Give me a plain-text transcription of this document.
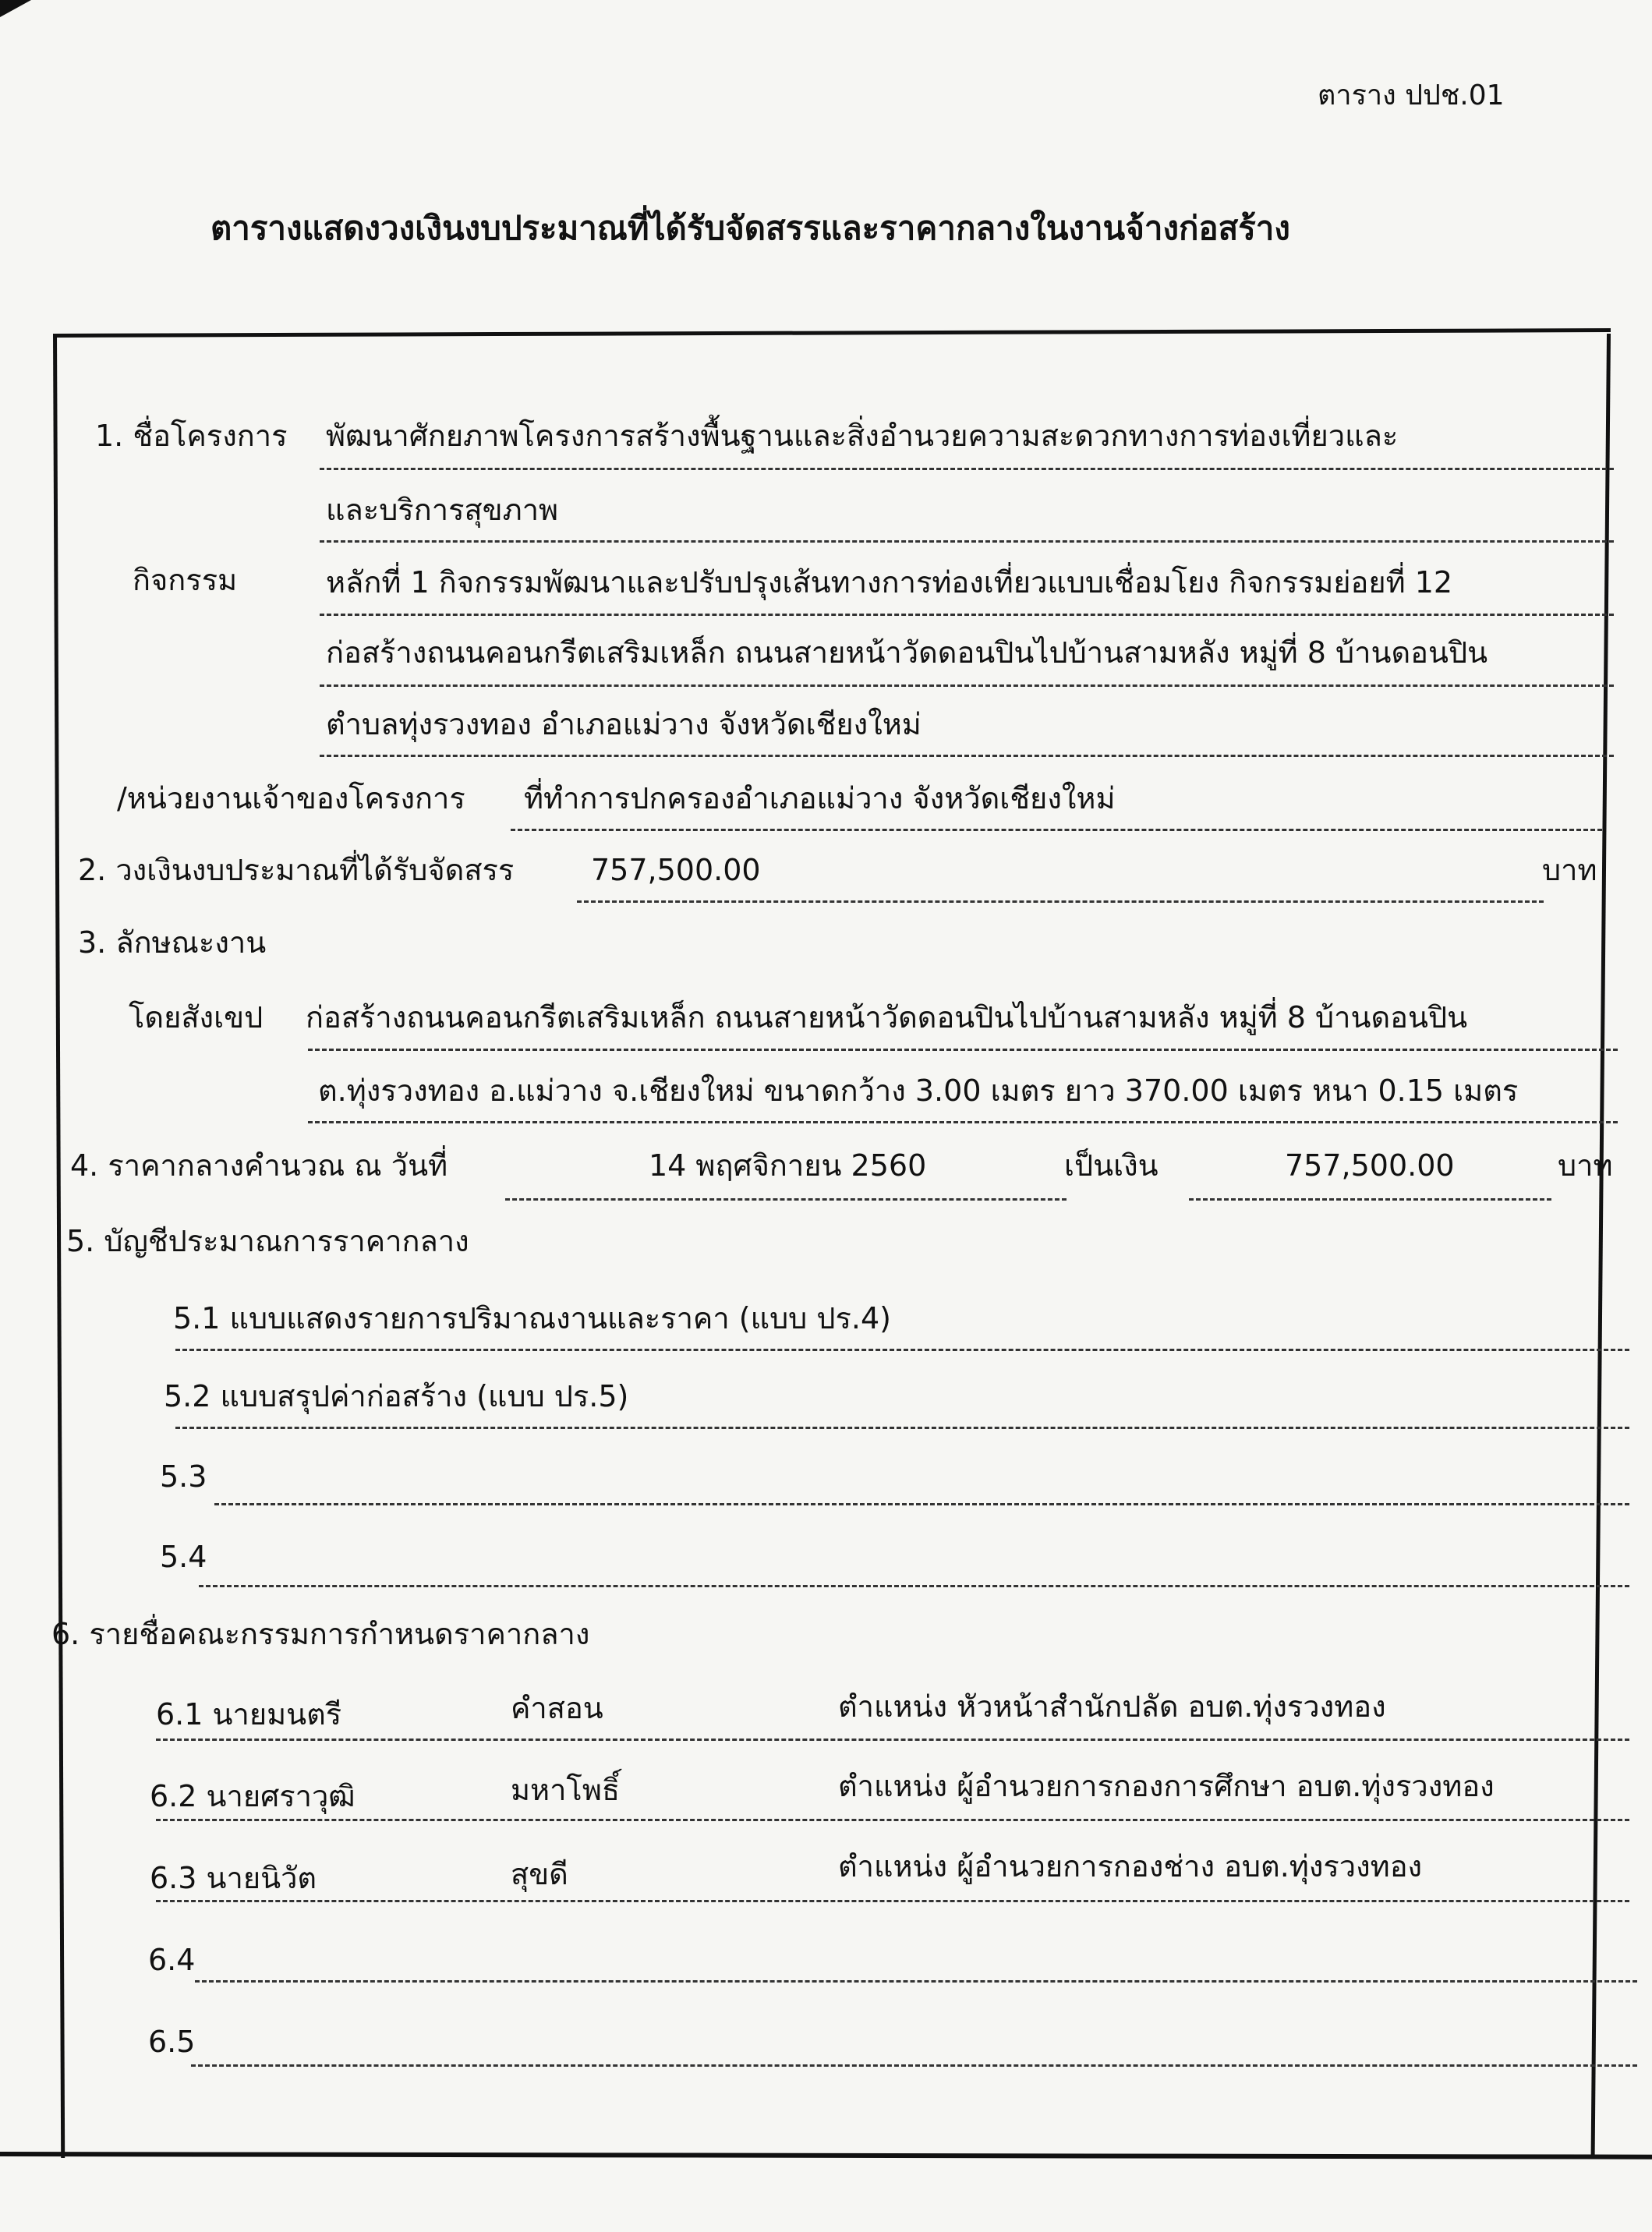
ตาราง ปปช.01
ตารางแสดงวงเงินงบประมาณที่ได้รับจัดสรรและราคากลางในงานจ้างก่อสร้าง
1. ชื่อโครงการ พัฒนาศักยภาพโครงการสร้างพื้นฐานและสิ่งอำนวยความสะดวกทางการท่องเที่ยวและ
และบริการสุขภาพ
กิจกรรม	หลักที่ 1 กิจกรรมพัฒนาและปรับปรุงเส้นทางการท่องเที่ยวแบบเชื่อมโยง กิจกรรมย่อยที่ 12
ก่อสร้างถนนคอนกรีตเสริมเหล็ก ถนนสายหน้าวัดดอนปินไปบ้านสามหลัง หมู่ที่ 8 บ้านดอนปิน
ตำบลทุ่งรวงทอง อำเภอแม่วาง จังหวัดเชียงใหม่
/หน่วยงานเจ้าของโครงการ ที่ทำการปกครองอำเภอแม่วาง จังหวัดเชียงใหม่
2. วงเงินงบประมาณที่ได้รับจัดสรร	757,500.00	บาท
3. ลักษณะงาน
โดยสังเขป ก่อสร้างถนนคอนกรีตเสริมเหล็ก ถนนสายหน้าวัดดอนปินไปบ้านสามหลัง หมู่ที่ 8 บ้านดอนปิน
ต.ทุ่งรวงทอง อ.แม่วาง จ.เชียงใหม่ ขนาดกว้าง 3.00 เมตร ยาว 370.00 เมตร หนา 0.15 เมตร
4. ราคากลางคำนวณ ณ วันที่	14 พฤศจิกายน 2560	เป็นเงิน	757,500.00	บาท
5. บัญชีประมาณการราคากลาง
5.1 แบบแสดงรายการปริมาณงานและราคา (แบบ ปร.4)
5.2 แบบสรุปค่าก่อสร้าง (แบบ ปร.5)
5.3
5.4
6. รายชื่อคณะกรรมการกำหนดราคากลาง
6.1 นายมนตรี	คำสอน	ตำแหน่ง หัวหน้าสำนักปลัด อบต.ทุ่งรวงทอง
6.2 นายศราวุฒิ	มหาโพธิ์	ตำแหน่ง ผู้อำนวยการกองการศึกษา อบต.ทุ่งรวงทอง
6.3 นายนิวัต	สุขดี	ตำแหน่ง ผู้อำนวยการกองช่าง อบต.ทุ่งรวงทอง
6.4
6.5
